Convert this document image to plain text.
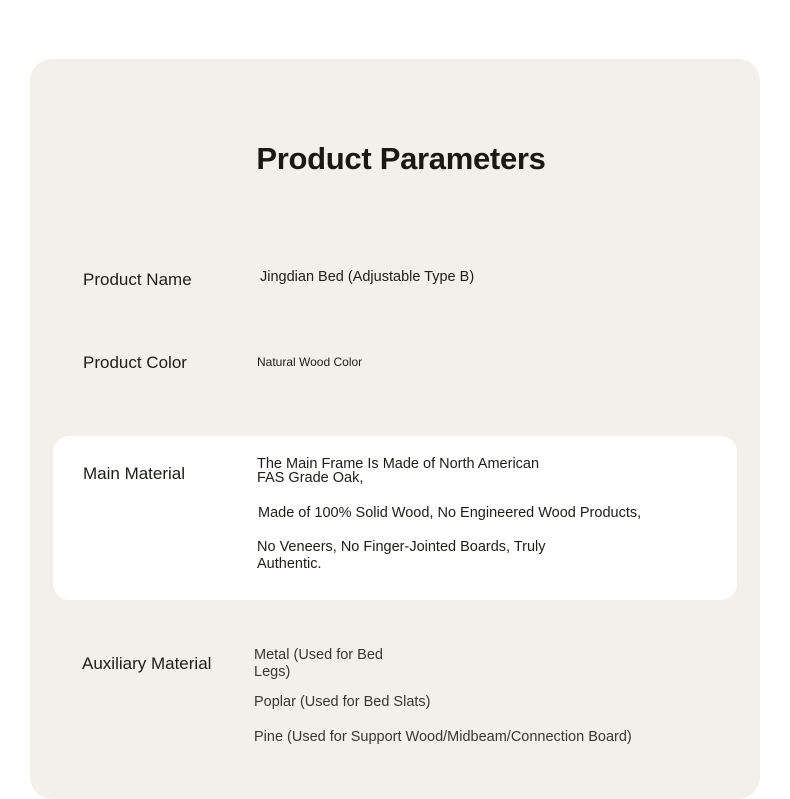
Product Parameters
Product Name	Jingdian Bed (Adjustable Type B)
Product Color	Natural Wood Color
Main Material	The Main Frame Is Made of North American
FAS Grade Oak,
Made of 100% Solid Wood, No Engineered Wood Products,
No Veneers, No Finger-Jointed Boards, Truly
Authentic.
Auxiliary Material	Metal (Used for Bed
Legs)
Poplar (Used for Bed Slats)
Pine (Used for Support Wood/Midbeam/Connection Board)
